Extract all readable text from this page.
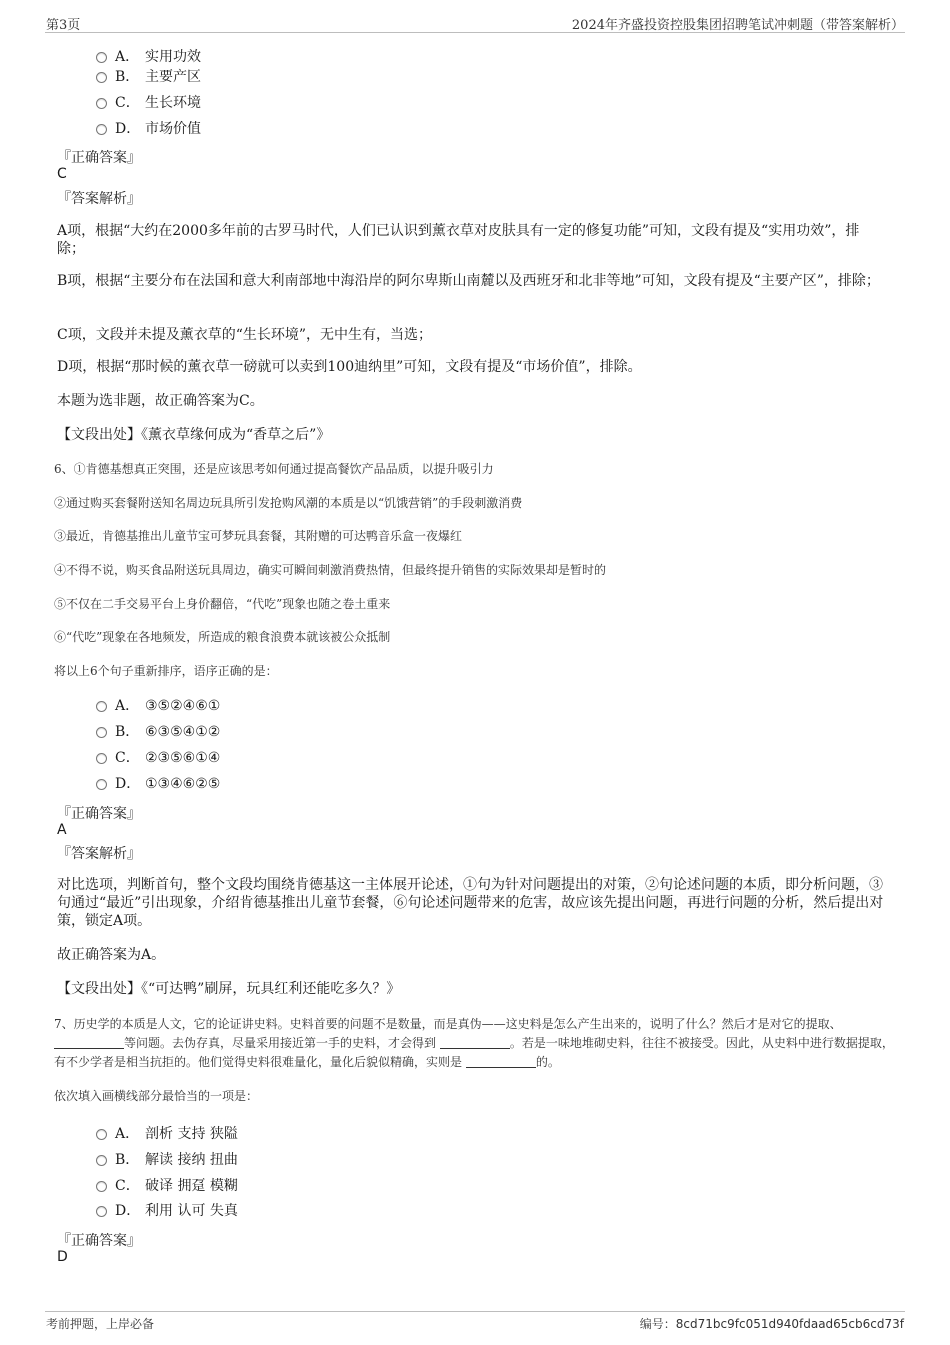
第3页	2024年齐盛投资控股集团招聘笔试冲刺题（带答案解析）
A． 实用功效
B． 主要产区
C． 生长环境
D． 市场价值
『正确答案』
C
『答案解析』
A项，根据“大约在2000多年前的古罗马时代，人们已认识到薰衣草对皮肤具有一定的修复功能”可知，文段有提及“实用功效”，排除；
B项，根据“主要分布在法国和意大利南部地中海沿岸的阿尔卑斯山南麓以及西班牙和北非等地”可知，文段有提及“主要产区”，排除；
C项，文段并未提及薰衣草的“生长环境”，无中生有，当选；
D项，根据“那时候的薰衣草一磅就可以卖到100迪纳里”可知，文段有提及“市场价值”，排除。
本题为选非题，故正确答案为C。
【文段出处】《薰衣草缘何成为“香草之后”》
6、①肯德基想真正突围，还是应该思考如何通过提高餐饮产品品质，以提升吸引力
②通过购买套餐附送知名周边玩具所引发抢购风潮的本质是以“饥饿营销”的手段刺激消费
③最近，肯德基推出儿童节宝可梦玩具套餐，其附赠的可达鸭音乐盒一夜爆红
④不得不说，购买食品附送玩具周边，确实可瞬间刺激消费热情，但最终提升销售的实际效果却是暂时的
⑤不仅在二手交易平台上身价翻倍，“代吃”现象也随之卷土重来
⑥“代吃”现象在各地频发，所造成的粮食浪费本就该被公众抵制
将以上6个句子重新排序，语序正确的是：
A． ③⑤②④⑥①
B． ⑥③⑤④①②
C． ②③⑤⑥①④
D． ①③④⑥②⑤
『正确答案』
A
『答案解析』
对比选项，判断首句，整个文段均围绕肯德基这一主体展开论述，①句为针对问题提出的对策，②句论述问题的本质，即分析问题，③句通过“最近”引出现象，介绍肯德基推出儿童节套餐，⑥句论述问题带来的危害，故应该先提出问题，再进行问题的分析，然后提出对策，锁定A项。
故正确答案为A。
【文段出处】《“可达鸭”刷屏，玩具红利还能吃多久？》
7、历史学的本质是人文，它的论证讲史料。史料首要的问题不是数量，而是真伪——这史料是怎么产生出来的，说明了什么？然后才是对它的提取、 等问题。去伪存真，尽量采用接近第一手的史料，才会得到	。若是一味地堆砌史料，往往不被接受。因此，从史料中进行数据提取，有不少学者是相当抗拒的。他们觉得史料很难量化，量化后貌似精确，实则是	的。
依次填入画横线部分最恰当的一项是：
A． 剖析 支持 狭隘
B． 解读 接纳 扭曲
C． 破译 拥趸 模糊
D． 利用 认可 失真
『正确答案』
D
考前押题，上岸必备	编号：8cd71bc9fc051d940fdaad65cb6cd73f
